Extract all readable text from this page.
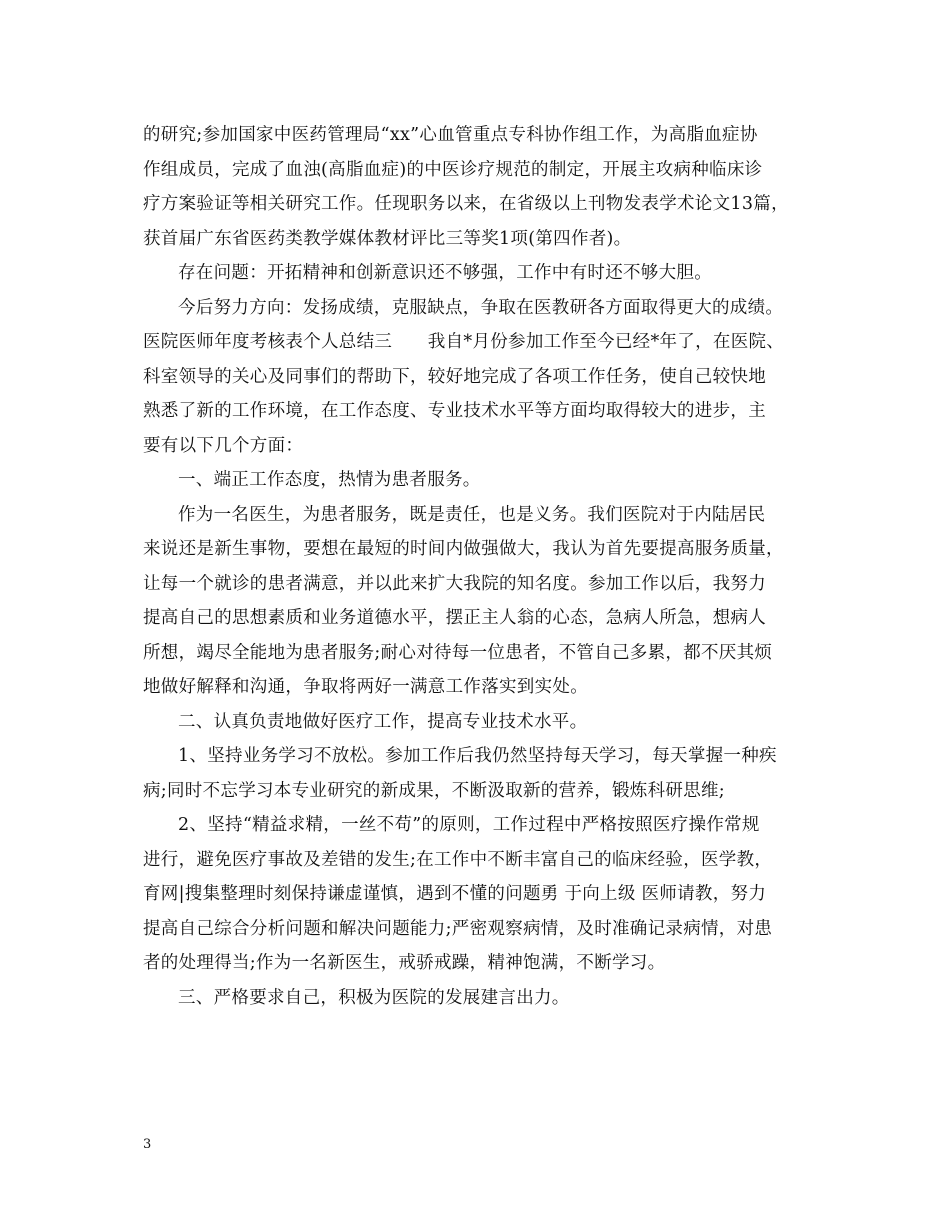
的研究;参加国家中医药管理局“xx”心血管重点专科协作组工作，为高脂血症协
作组成员，完成了血浊(高脂血症)的中医诊疗规范的制定，开展主攻病种临床诊
疗方案验证等相关研究工作。任现职务以来，在省级以上刊物发表学术论文13篇，
获首届广东省医药类教学媒体教材评比三等奖1项(第四作者)。
存在问题：开拓精神和创新意识还不够强，工作中有时还不够大胆。
今后努力方向：发扬成绩，克服缺点，争取在医教研各方面取得更大的成绩。
医院医师年度考核表个人总结三　　我自*月份参加工作至今已经*年了，在医院、
科室领导的关心及同事们的帮助下，较好地完成了各项工作任务，使自己较快地
熟悉了新的工作环境，在工作态度、专业技术水平等方面均取得较大的进步，主
要有以下几个方面：
一、端正工作态度，热情为患者服务。
作为一名医生，为患者服务，既是责任，也是义务。我们医院对于内陆居民
来说还是新生事物，要想在最短的时间内做强做大，我认为首先要提高服务质量，
让每一个就诊的患者满意，并以此来扩大我院的知名度。参加工作以后，我努力
提高自己的思想素质和业务道德水平，摆正主人翁的心态，急病人所急，想病人
所想，竭尽全能地为患者服务;耐心对待每一位患者，不管自己多累，都不厌其烦
地做好解释和沟通，争取将两好一满意工作落实到实处。
二、认真负责地做好医疗工作，提高专业技术水平。
1、坚持业务学习不放松。参加工作后我仍然坚持每天学习，每天掌握一种疾
病;同时不忘学习本专业研究的新成果，不断汲取新的营养，锻炼科研思维;
2、坚持“精益求精，一丝不苟”的原则，工作过程中严格按照医疗操作常规
进行，避免医疗事故及差错的发生;在工作中不断丰富自己的临床经验，医学教，
育网|搜集整理时刻保持谦虚谨慎，遇到不懂的问题勇 于向上级 医师请教，努力
提高自己综合分析问题和解决问题能力;严密观察病情，及时准确记录病情，对患
者的处理得当;作为一名新医生，戒骄戒躁，精神饱满，不断学习。
三、严格要求自己，积极为医院的发展建言出力。
3
